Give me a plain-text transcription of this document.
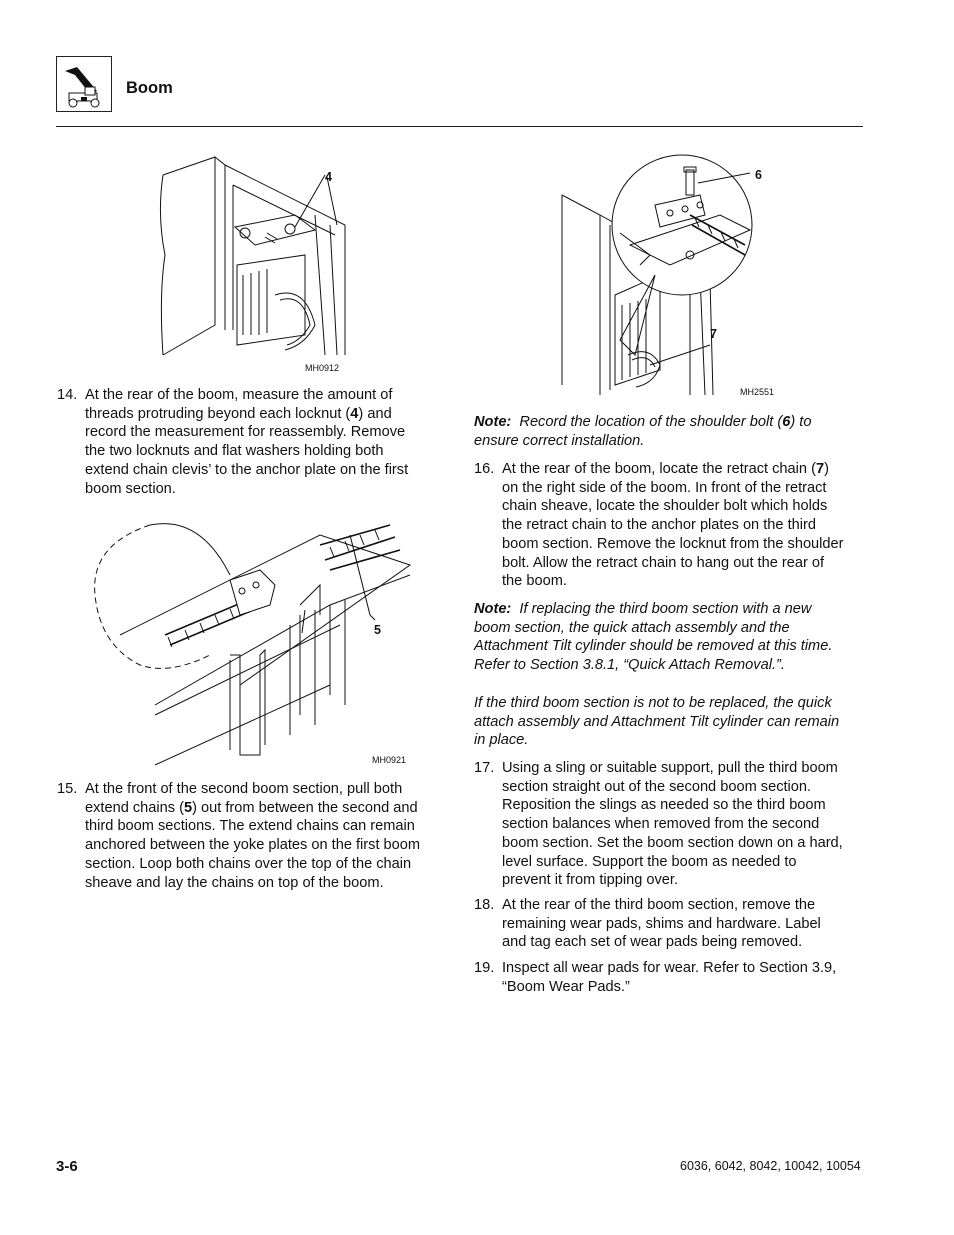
Boom
4
MH0912
14. At the rear of the boom, measure the amount of
threads protruding beyond each locknut (4) and
record the measurement for reassembly. Remove
the two locknuts and flat washers holding both
extend chain clevis’ to the anchor plate on the first
boom section.
5
MH0921
15. At the front of the second boom section, pull both
extend chains (5) out from between the second and
third boom sections. The extend chains can remain
anchored between the yoke plates on the first boom
section. Loop both chains over the top of the chain
sheave and lay the chains on top of the boom.
6
7
MH2551
Note: Record the location of the shoulder bolt (6) to
ensure correct installation.
16. At the rear of the boom, locate the retract chain (7)
on the right side of the boom. In front of the retract
chain sheave, locate the shoulder bolt which holds
the retract chain to the anchor plates on the third
boom section. Remove the locknut from the shoulder
bolt. Allow the retract chain to hang out the rear of
the boom.
Note: If replacing the third boom section with a new
boom section, the quick attach assembly and the
Attachment Tilt cylinder should be removed at this time.
Refer to Section 3.8.1, “Quick Attach Removal.”.
If the third boom section is not to be replaced, the quick
attach assembly and Attachment Tilt cylinder can remain
in place.
17. Using a sling or suitable support, pull the third boom
section straight out of the second boom section.
Reposition the slings as needed so the third boom
section balances when removed from the second
boom section. Set the boom section down on a hard,
level surface. Support the boom as needed to
prevent it from tipping over.
18. At the rear of the third boom section, remove the
remaining wear pads, shims and hardware. Label
and tag each set of wear pads being removed.
19. Inspect all wear pads for wear. Refer to Section 3.9,
“Boom Wear Pads.”
3-6	6036, 6042, 8042, 10042, 10054
